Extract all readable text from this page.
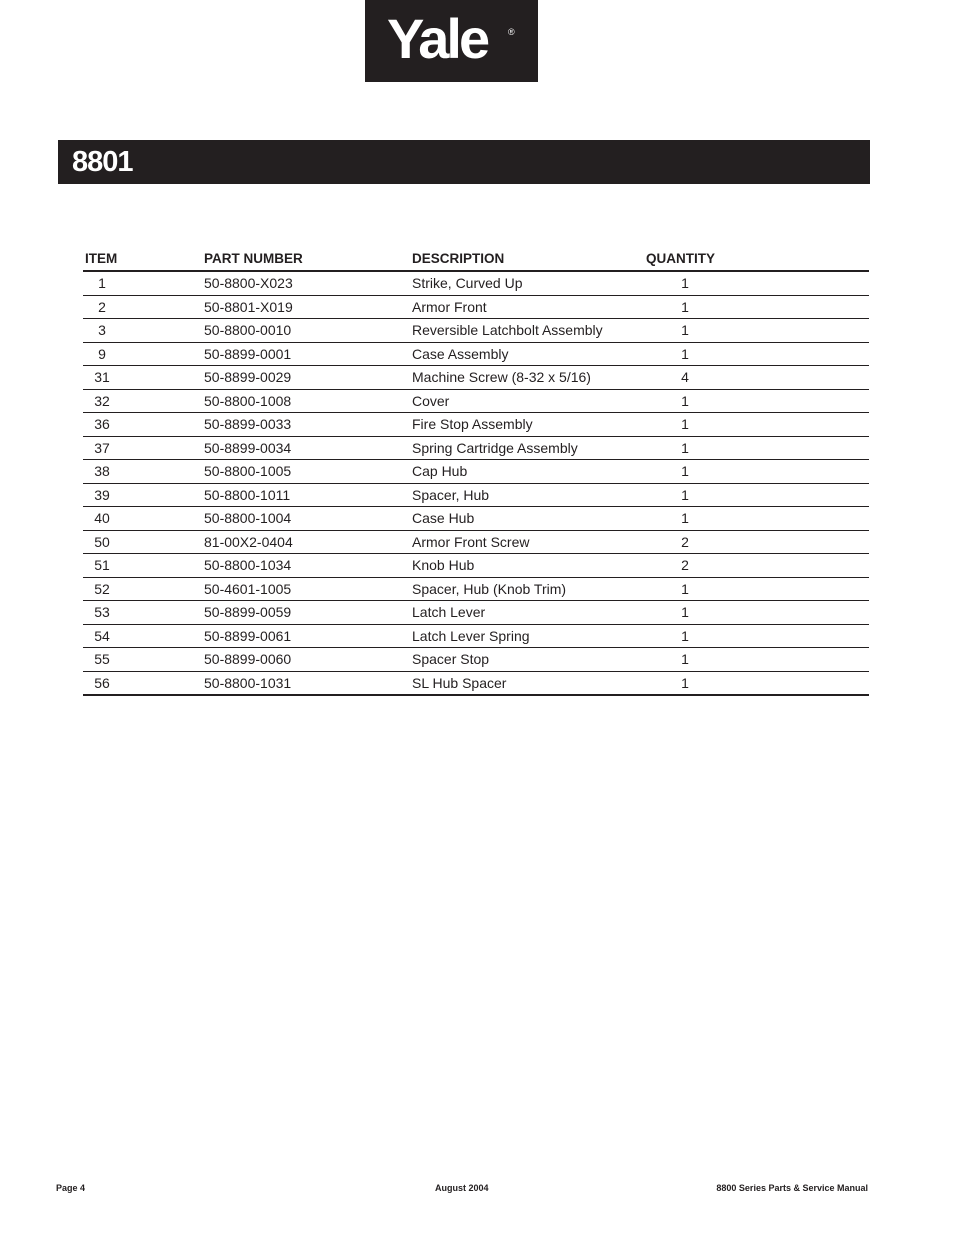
Yale ®
8801
ITEM	PART NUMBER	DESCRIPTION	QUANTITY
1	50-8800-X023	Strike, Curved Up	1
2	50-8801-X019	Armor Front	1
3	50-8800-0010	Reversible Latchbolt Assembly	1
9	50-8899-0001	Case Assembly	1
31	50-8899-0029	Machine Screw (8-32 x 5/16)	4
32	50-8800-1008	Cover	1
36	50-8899-0033	Fire Stop Assembly	1
37	50-8899-0034	Spring Cartridge Assembly	1
38	50-8800-1005	Cap Hub	1
39	50-8800-1011	Spacer, Hub	1
40	50-8800-1004	Case Hub	1
50	81-00X2-0404	Armor Front Screw	2
51	50-8800-1034	Knob Hub	2
52	50-4601-1005	Spacer, Hub (Knob Trim)	1
53	50-8899-0059	Latch Lever	1
54	50-8899-0061	Latch Lever Spring	1
55	50-8899-0060	Spacer Stop	1
56	50-8800-1031	SL Hub Spacer	1
Page 4	August 2004	8800 Series Parts & Service Manual
